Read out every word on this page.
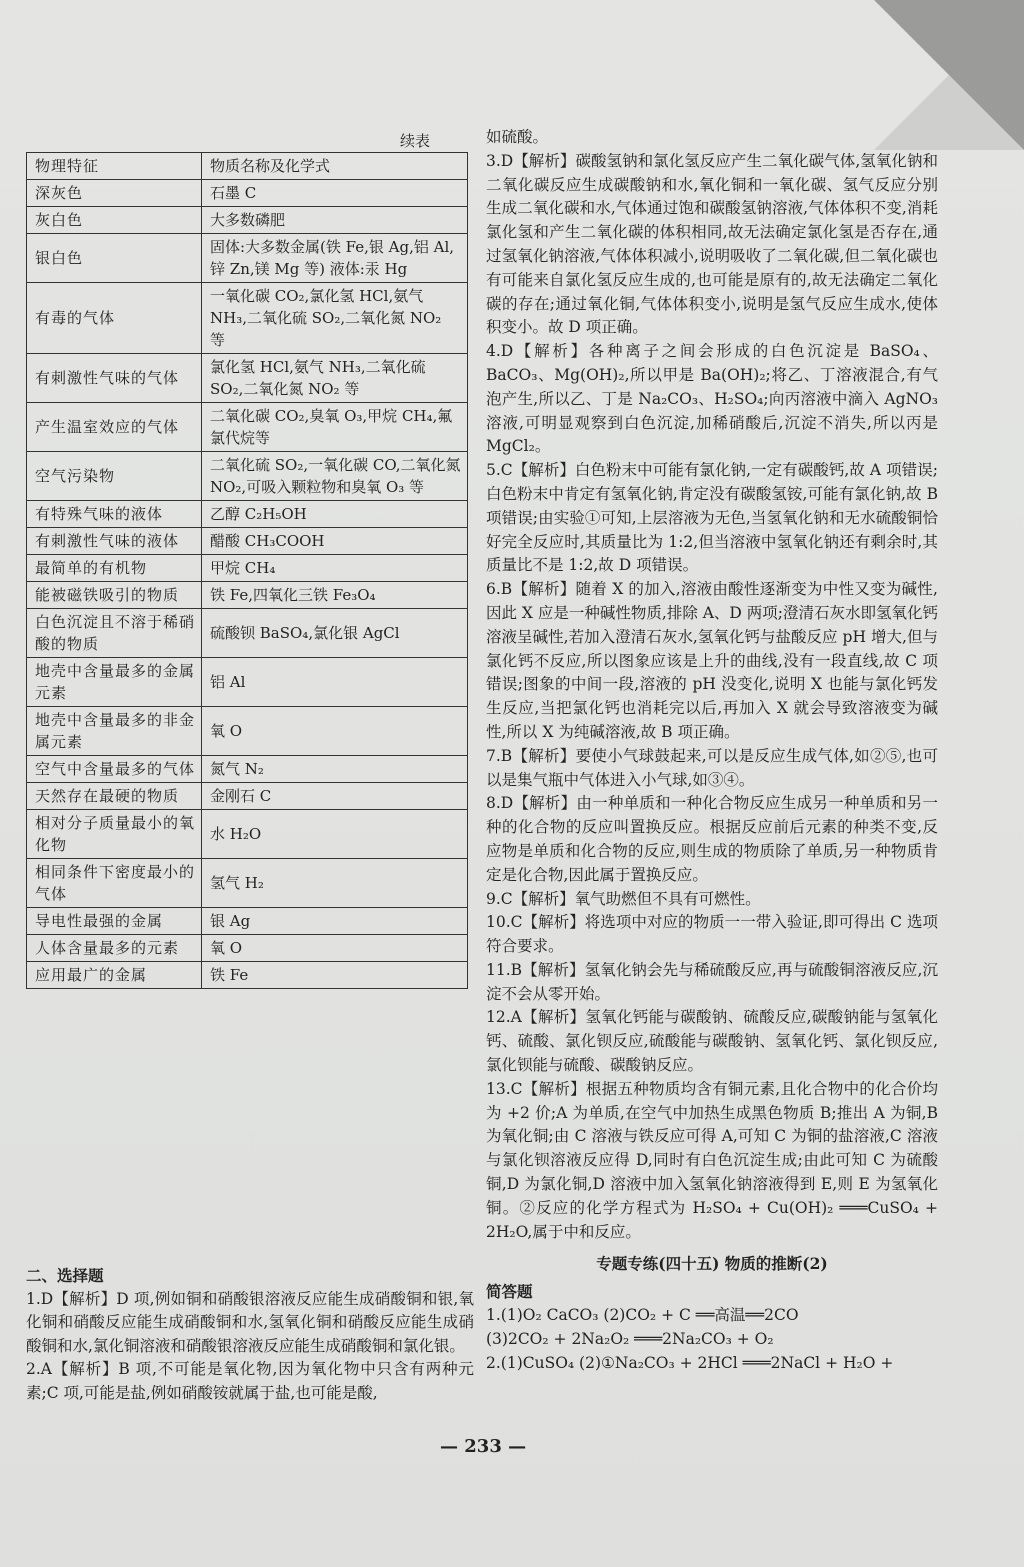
续表
物理特征	物质名称及化学式
深灰色	石墨 C
灰白色	大多数磷肥
银白色	固体:大多数金属(铁 Fe,银 Ag,铝 Al,锌 Zn,镁 Mg 等) 液体:汞 Hg
有毒的气体	一氧化碳 CO₂,氯化氢 HCl,氨气 NH₃,二氧化硫 SO₂,二氧化氮 NO₂ 等
有刺激性气味的气体	氯化氢 HCl,氨气 NH₃,二氧化硫 SO₂,二氧化氮 NO₂ 等
产生温室效应的气体	二氧化碳 CO₂,臭氧 O₃,甲烷 CH₄,氟氯代烷等
空气污染物	二氧化硫 SO₂,一氧化碳 CO,二氧化氮 NO₂,可吸入颗粒物和臭氧 O₃ 等
有特殊气味的液体	乙醇 C₂H₅OH
有刺激性气味的液体	醋酸 CH₃COOH
最简单的有机物	甲烷 CH₄
能被磁铁吸引的物质	铁 Fe,四氧化三铁 Fe₃O₄
白色沉淀且不溶于稀硝酸的物质	硫酸钡 BaSO₄,氯化银 AgCl
地壳中含量最多的金属元素	铝 Al
地壳中含量最多的非金属元素	氧 O
空气中含量最多的气体	氮气 N₂
天然存在最硬的物质	金刚石 C
相对分子质量最小的氧化物	水 H₂O
相同条件下密度最小的气体	氢气 H₂
导电性最强的金属	银 Ag
人体含量最多的元素	氧 O
应用最广的金属	铁 Fe
二、选择题

1.D【解析】D 项,例如铜和硝酸银溶液反应能生成硝酸铜和银,氧化铜和硝酸反应能生成硝酸铜和水,氢氧化铜和硝酸反应能生成硝酸铜和水,氯化铜溶液和硝酸银溶液反应能生成硝酸铜和氯化银。

2.A【解析】B 项,不可能是氧化物,因为氧化物中只含有两种元素;C 项,可能是盐,例如硝酸铵就属于盐,也可能是酸,

如硫酸。

3.D【解析】碳酸氢钠和氯化氢反应产生二氧化碳气体,氢氧化钠和二氧化碳反应生成碳酸钠和水,氧化铜和一氧化碳、氢气反应分别生成二氧化碳和水,气体通过饱和碳酸氢钠溶液,气体体积不变,消耗氯化氢和产生二氧化碳的体积相同,故无法确定氯化氢是否存在,通过氢氧化钠溶液,气体体积减小,说明吸收了二氧化碳,但二氧化碳也有可能来自氯化氢反应生成的,也可能是原有的,故无法确定二氧化碳的存在;通过氧化铜,气体体积变小,说明是氢气反应生成水,使体积变小。故 D 项正确。

4.D【解析】各种离子之间会形成的白色沉淀是 BaSO₄、BaCO₃、Mg(OH)₂,所以甲是 Ba(OH)₂;将乙、丁溶液混合,有气泡产生,所以乙、丁是 Na₂CO₃、H₂SO₄;向丙溶液中滴入 AgNO₃ 溶液,可明显观察到白色沉淀,加稀硝酸后,沉淀不消失,所以丙是 MgCl₂。

5.C【解析】白色粉末中可能有氯化钠,一定有碳酸钙,故 A 项错误;白色粉末中肯定有氢氧化钠,肯定没有碳酸氢铵,可能有氯化钠,故 B 项错误;由实验①可知,上层溶液为无色,当氢氧化钠和无水硫酸铜恰好完全反应时,其质量比为 1:2,但当溶液中氢氧化钠还有剩余时,其质量比不是 1:2,故 D 项错误。

6.B【解析】随着 X 的加入,溶液由酸性逐渐变为中性又变为碱性,因此 X 应是一种碱性物质,排除 A、D 两项;澄清石灰水即氢氧化钙溶液呈碱性,若加入澄清石灰水,氢氧化钙与盐酸反应 pH 增大,但与氯化钙不反应,所以图象应该是上升的曲线,没有一段直线,故 C 项错误;图象的中间一段,溶液的 pH 没变化,说明 X 也能与氯化钙发生反应,当把氯化钙也消耗完以后,再加入 X 就会导致溶液变为碱性,所以 X 为纯碱溶液,故 B 项正确。

7.B【解析】要使小气球鼓起来,可以是反应生成气体,如②⑤,也可以是集气瓶中气体进入小气球,如③④。

8.D【解析】由一种单质和一种化合物反应生成另一种单质和另一种的化合物的反应叫置换反应。根据反应前后元素的种类不变,反应物是单质和化合物的反应,则生成的物质除了单质,另一种物质肯定是化合物,因此属于置换反应。

9.C【解析】氧气助燃但不具有可燃性。

10.C【解析】将选项中对应的物质一一带入验证,即可得出 C 选项符合要求。

11.B【解析】氢氧化钠会先与稀硫酸反应,再与硫酸铜溶液反应,沉淀不会从零开始。

12.A【解析】氢氧化钙能与碳酸钠、硫酸反应,碳酸钠能与氢氧化钙、硫酸、氯化钡反应,硫酸能与碳酸钠、氢氧化钙、氯化钡反应,氯化钡能与硫酸、碳酸钠反应。

13.C【解析】根据五种物质均含有铜元素,且化合物中的化合价均为 +2 价;A 为单质,在空气中加热生成黑色物质 B;推出 A 为铜,B 为氧化铜;由 C 溶液与铁反应可得 A,可知 C 为铜的盐溶液,C 溶液与氯化钡溶液反应得 D,同时有白色沉淀生成;由此可知 C 为硫酸铜,D 为氯化铜,D 溶液中加入氢氧化钠溶液得到 E,则 E 为氢氧化铜。②反应的化学方程式为 H₂SO₄ + Cu(OH)₂ ═══CuSO₄ + 2H₂O,属于中和反应。

专题专练(四十五) 物质的推断(2)
简答题

1.(1)O₂ CaCO₃ (2)CO₂ + C ══高温══2CO

(3)2CO₂ + 2Na₂O₂ ═══2Na₂CO₃ + O₂

2.(1)CuSO₄ (2)①Na₂CO₃ + 2HCl ═══2NaCl + H₂O +

— 233 —
